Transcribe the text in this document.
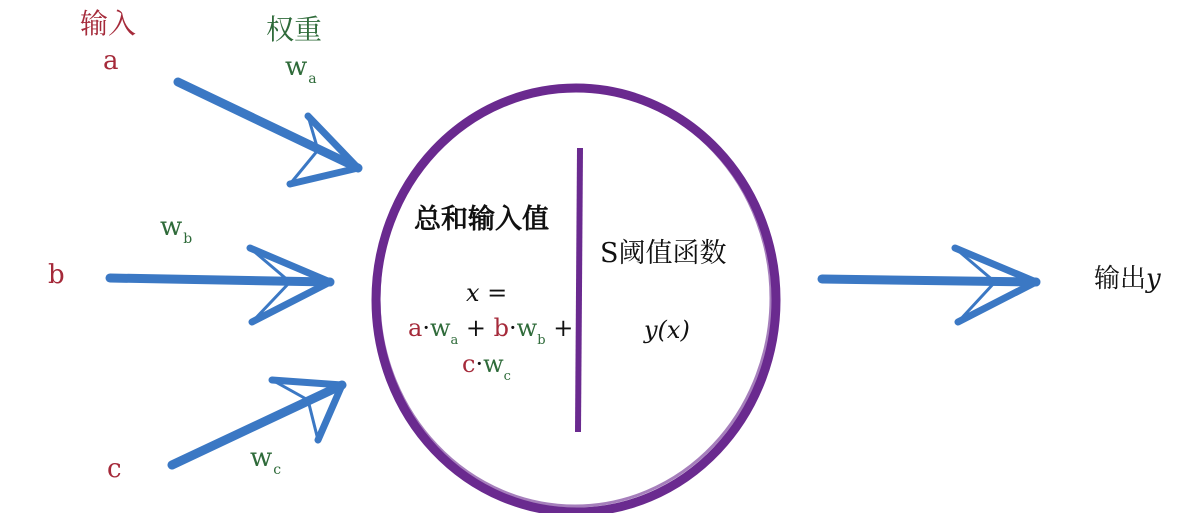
输入	权重
a
b
c
$w_a$
$w_b$
$w_c$
总和输入值
x =
$a\cdot w_a + b\cdot w_b$ +
$c\cdot w_c$
S阈值函数
y(x)
输出y
